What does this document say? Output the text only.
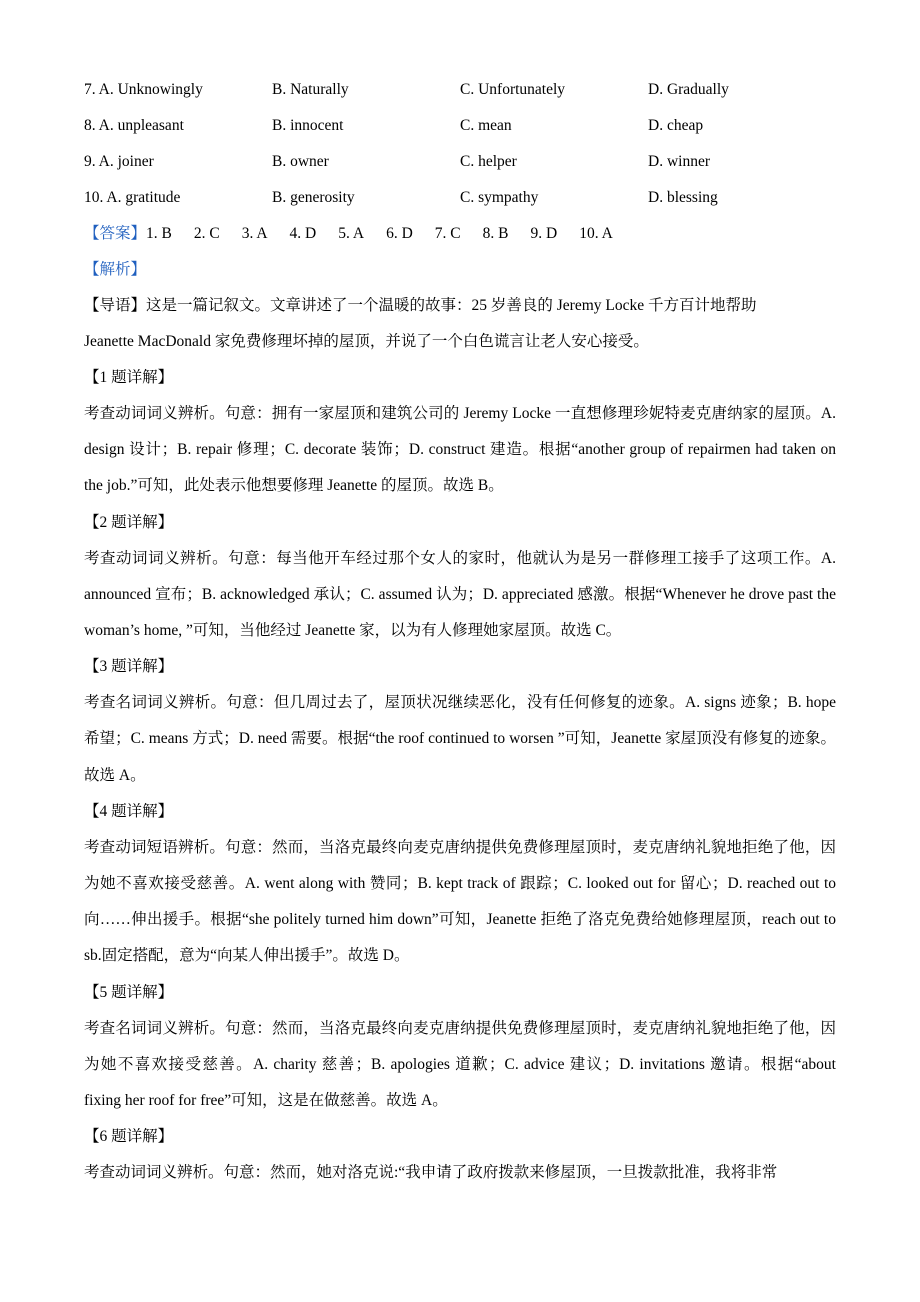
7. A. Unknowingly	B. Naturally	C. Unfortunately	D. Gradually
8. A. unpleasant	B. innocent	C. mean	D. cheap
9. A. joiner	B. owner	C. helper	D. winner
10. A. gratitude	B. generosity	C. sympathy	D. blessing
【答案】 1. B 2. C 3. A 4. D 5. A 6. D 7. C 8. B 9. D 10. A
【解析】
【导语】这是一篇记叙文。文章讲述了一个温暖的故事：25 岁善良的 Jeremy Locke 千方百计地帮助
Jeanette MacDonald 家免费修理坏掉的屋顶，并说了一个白色谎言让老人安心接受。
【1 题详解】
考查动词词义辨析。句意：拥有一家屋顶和建筑公司的 Jeremy Locke 一直想修理珍妮特麦克唐纳家的屋顶。A. design 设计；B. repair 修理；C. decorate 装饰；D. construct 建造。根据“another group of repairmen had taken on the job.”可知，此处表示他想要修理 Jeanette 的屋顶。故选 B。
【2 题详解】
考查动词词义辨析。句意：每当他开车经过那个女人的家时，他就认为是另一群修理工接手了这项工作。A. announced 宣布；B. acknowledged 承认；C. assumed 认为；D. appreciated 感激。根据“Whenever he drove past the woman’s home, ”可知，当他经过 Jeanette 家，以为有人修理她家屋顶。故选 C。
【3 题详解】
考查名词词义辨析。句意：但几周过去了，屋顶状况继续恶化，没有任何修复的迹象。A. signs 迹象；B. hope 希望；C. means 方式；D. need 需要。根据“the roof continued to worsen ”可知，Jeanette 家屋顶没有修复的迹象。故选 A。
【4 题详解】
考查动词短语辨析。句意：然而，当洛克最终向麦克唐纳提供免费修理屋顶时，麦克唐纳礼貌地拒绝了他，因为她不喜欢接受慈善。A. went along with 赞同；B. kept track of 跟踪；C. looked out for 留心；D. reached out to 向……伸出援手。根据“she politely turned him down”可知，Jeanette 拒绝了洛克免费给她修理屋顶，reach out to sb.固定搭配，意为“向某人伸出援手”。故选 D。
【5 题详解】
考查名词词义辨析。句意：然而，当洛克最终向麦克唐纳提供免费修理屋顶时，麦克唐纳礼貌地拒绝了他，因为她不喜欢接受慈善。A. charity 慈善；B. apologies 道歉；C. advice 建议；D. invitations 邀请。根据“about fixing her roof for free”可知，这是在做慈善。故选 A。
【6 题详解】
考查动词词义辨析。句意：然而，她对洛克说:“我申请了政府拨款来修屋顶，一旦拨款批准，我将非常
